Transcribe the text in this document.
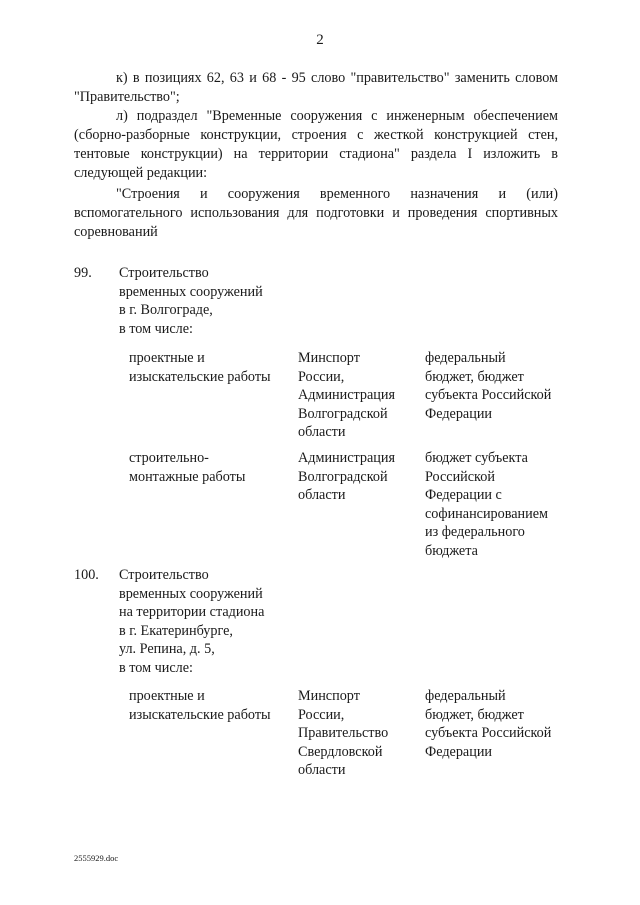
2
к) в позициях 62, 63 и 68 - 95 слово "правительство" заменить словом "Правительство";
л) подраздел "Временные сооружения с инженерным обеспечением (сборно-разборные конструкции, строения с жесткой конструкцией стен, тентовые конструкции) на территории стадиона" раздела I изложить в следующей редакции:
"Строения и сооружения временного назначения и (или) вспомогательного использования для подготовки и проведения спортивных соревнований
99. Строительство
временных сооружений
в г. Волгограде,
в том числе:
проектные и
изыскательские работы
Минспорт
России,
Администрация
Волгоградской
области
федеральный
бюджет, бюджет
субъекта Российской
Федерации
строительно-
монтажные работы
Администрация
Волгоградской
области
бюджет субъекта
Российской
Федерации с
софинансированием
из федерального
бюджета
100. Строительство
временных сооружений
на территории стадиона
в г. Екатеринбурге,
ул. Репина, д. 5,
в том числе:
проектные и
изыскательские работы
Минспорт
России,
Правительство
Свердловской
области
федеральный
бюджет, бюджет
субъекта Российской
Федерации
2555929.doc
